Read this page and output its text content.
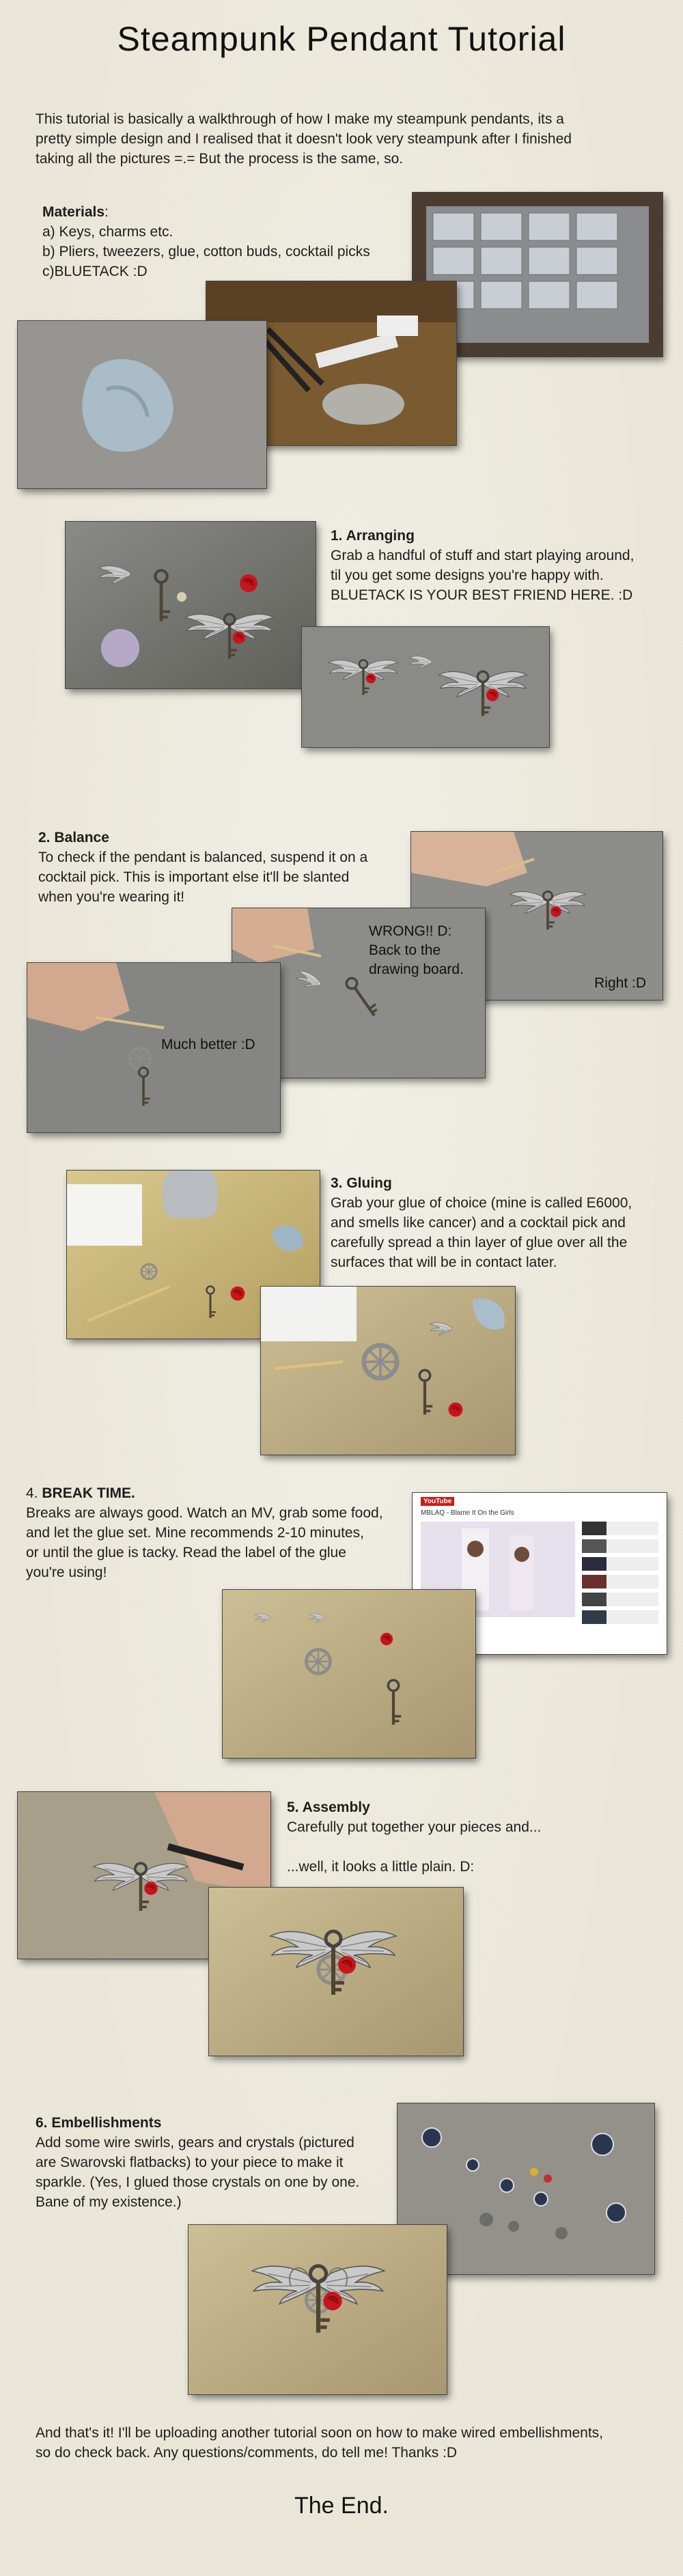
Steampunk Pendant Tutorial
This tutorial is basically a walkthrough of how I make my steampunk pendants, its a
pretty simple design and I realised that it doesn't look very steampunk after I finished
taking all the pictures =.= But the process is the same, so.
Materials:
a) Keys, charms etc.
b) Pliers, tweezers, glue, cotton buds, cocktail picks
c)BLUETACK :D
1. Arranging
Grab a handful of stuff and start playing around,
til you get some designs you're happy with.
BLUETACK IS YOUR BEST FRIEND HERE. :D
2. Balance
To check if the pendant is balanced, suspend it on a
cocktail pick. This is important else it'll be slanted
when you're wearing it!
Right :D
WRONG!! D:
Back to the
drawing board.
Much better :D
3. Gluing
Grab your glue of choice (mine is called E6000,
and smells like cancer) and a cocktail pick and
carefully spread a thin layer of glue over all the
surfaces that will be in contact later.
4. BREAK TIME.
Breaks are always good. Watch an MV, grab some food,
and let the glue set. Mine recommends 2-10 minutes,
or until the glue is tacky. Read the label of the glue
you're using!
YouTube
MBLAQ - Blame It On the Girls
5. Assembly
Carefully put together your pieces and...

...well, it looks a little plain. D:
6. Embellishments
Add some wire swirls, gears and crystals (pictured
are Swarovski flatbacks) to your piece to make it
sparkle. (Yes, I glued those crystals on one by one.
Bane of my existence.)
And that's it! I'll be uploading another tutorial soon on how to make wired embellishments,
so do check back. Any questions/comments, do tell me! Thanks :D
The End.
